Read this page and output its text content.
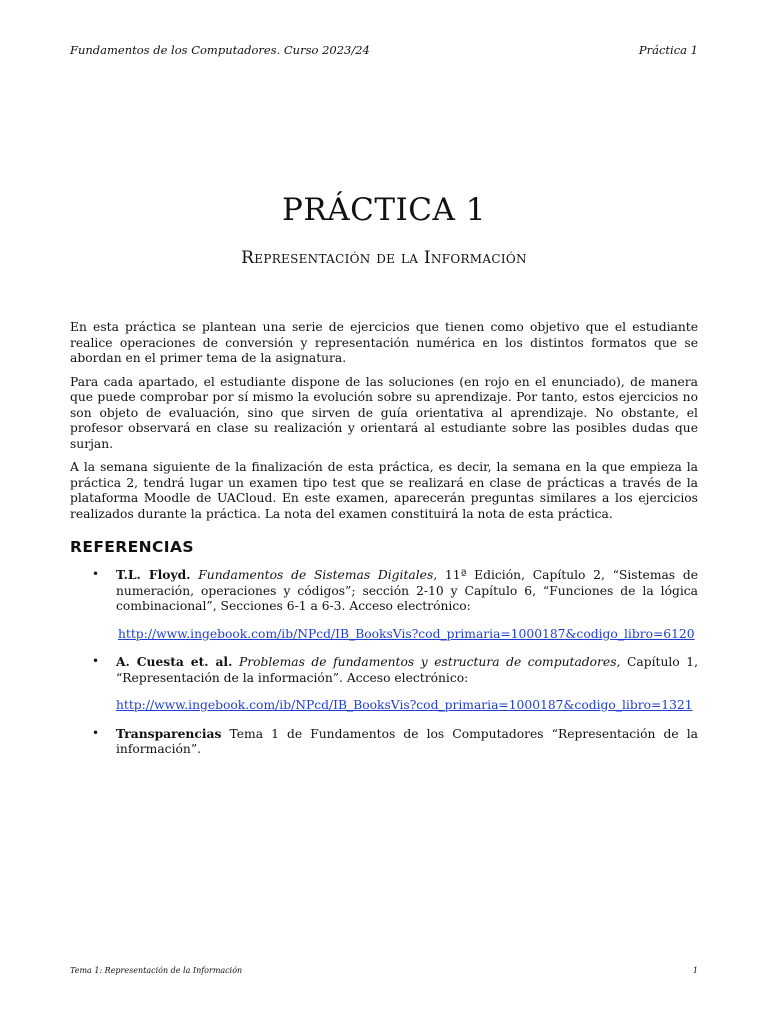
Fundamentos de los Computadores. Curso 2023/24	Práctica 1
PRÁCTICA 1
Representación de la Información

En esta práctica se plantean una serie de ejercicios que tienen como objetivo que el estudiante realice operaciones de conversión y representación numérica en los distintos formatos que se abordan en el primer tema de la asignatura.

Para cada apartado, el estudiante dispone de las soluciones (en rojo en el enunciado), de manera que puede comprobar por sí mismo la evolución sobre su aprendizaje. Por tanto, estos ejercicios no son objeto de evaluación, sino que sirven de guía orientativa al aprendizaje. No obstante, el profesor observará en clase su realización y orientará al estudiante sobre las posibles dudas que surjan.

A la semana siguiente de la finalización de esta práctica, es decir, la semana en la que empieza la práctica 2, tendrá lugar un examen tipo test que se realizará en clase de prácticas a través de la plataforma Moodle de UACloud. En este examen, aparecerán preguntas similares a los ejercicios realizados durante la práctica. La nota del examen constituirá la nota de esta práctica.

REFERENCIAS
• T.L. Floyd. Fundamentos de Sistemas Digitales, 11ª Edición, Capítulo 2, “Sistemas de numeración, operaciones y códigos”; sección 2-10 y Capítulo 6, “Funciones de la lógica combinacional”, Secciones 6-1 a 6-3. Acceso electrónico:
http://www.ingebook.com/ib/NPcd/IB_BooksVis?cod_primaria=1000187&codigo_libro=6120
• A. Cuesta et. al. Problemas de fundamentos y estructura de computadores, Capítulo 1, “Representación de la información”. Acceso electrónico:
http://www.ingebook.com/ib/NPcd/IB_BooksVis?cod_primaria=1000187&codigo_libro=1321
• Transparencias Tema 1 de Fundamentos de los Computadores “Representación de la información”.
Tema 1: Representación de la Información	1
